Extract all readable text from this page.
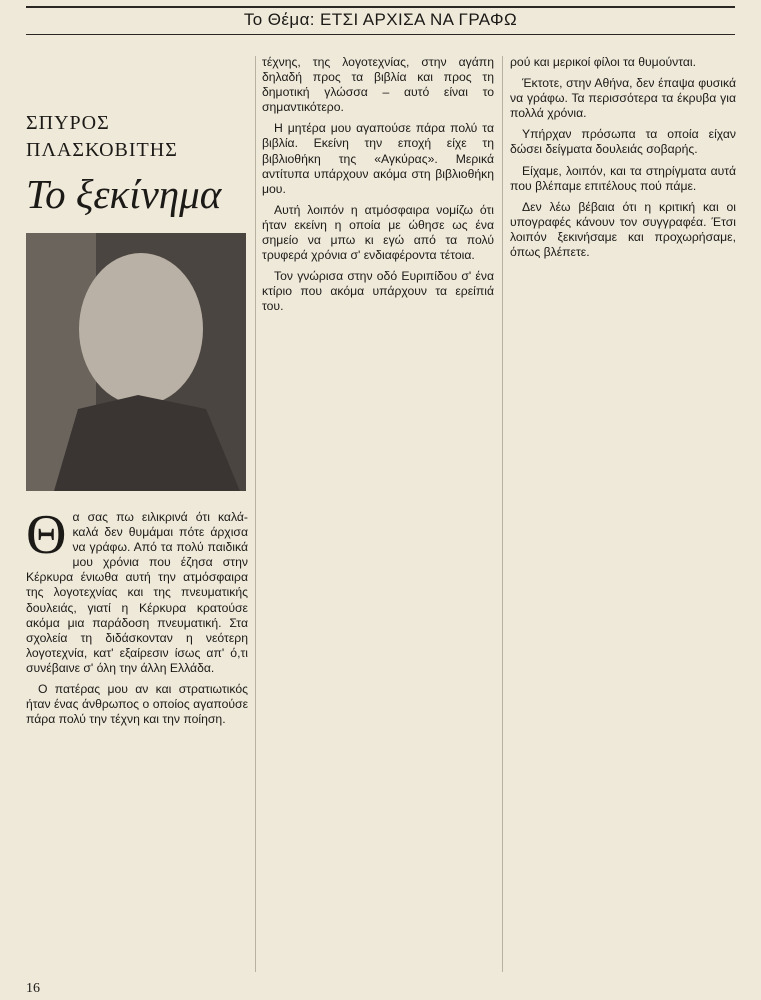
Το Θέμα: ΕΤΣΙ ΑΡΧΙΣΑ ΝΑ ΓΡΑΦΩ
ΣΠΥΡΟΣ
ΠΛΑΣΚΟΒΙΤΗΣ
Το ξεκίνημα

Θ α σας πω ειλικρινά ότι καλά-καλά δεν θυμάμαι πότε άρχισα να γράφω. Από τα πολύ παιδικά μου χρόνια που έζησα στην Κέρκυρα ένιωθα αυτή την ατμόσφαιρα της λογοτεχνίας και της πνευματικής δουλειάς, γιατί η Κέρκυρα κρατούσε ακόμα μια παράδοση πνευματική. Στα σχολεία τη διδάσκονταν η νεότερη λογοτεχνία, κατ' εξαίρεσιν ίσως απ' ό,τι συνέβαινε σ' όλη την άλλη Ελλάδα.

Ο πατέρας μου αν και στρατιωτικός ήταν ένας άνθρωπος ο οποίος αγαπούσε πάρα πολύ την τέχνη και την ποίηση.

τέχνης, της λογοτεχνίας, στην αγάπη δηλαδή προς τα βιβλία και προς τη δημοτική γλώσσα – αυτό είναι το σημαντικότερο.

Η μητέρα μου αγαπούσε πάρα πολύ τα βιβλία. Εκείνη την εποχή είχε τη βιβλιοθήκη της «Αγκύρας». Μερικά αντίτυπα υπάρχουν ακόμα στη βιβλιοθήκη μου.

Αυτή λοιπόν η ατμόσφαιρα νομίζω ότι ήταν εκείνη η οποία με ώθησε ως ένα σημείο να μπω κι εγώ από τα πολύ τρυφερά χρόνια σ' ενδιαφέροντα τέτοια.

Τον γνώρισα στην οδό Ευριπίδου σ' ένα κτίριο που ακόμα υπάρχουν τα ερείπιά του.

ρού και μερικοί φίλοι τα θυμούνται.

Έκτοτε, στην Αθήνα, δεν έπαψα φυσικά να γράφω. Τα περισσότερα τα έκρυβα για πολλά χρόνια.

Υπήρχαν πρόσωπα τα οποία είχαν δώσει δείγματα δουλειάς σοβαρής.

Είχαμε, λοιπόν, και τα στηρίγματα αυτά που βλέπαμε επιτέλους πού πάμε.

Δεν λέω βέβαια ότι η κριτική και οι υπογραφές κάνουν τον συγγραφέα. Έτσι λοιπόν ξεκινήσαμε και προχωρήσαμε, όπως βλέπετε.

16
